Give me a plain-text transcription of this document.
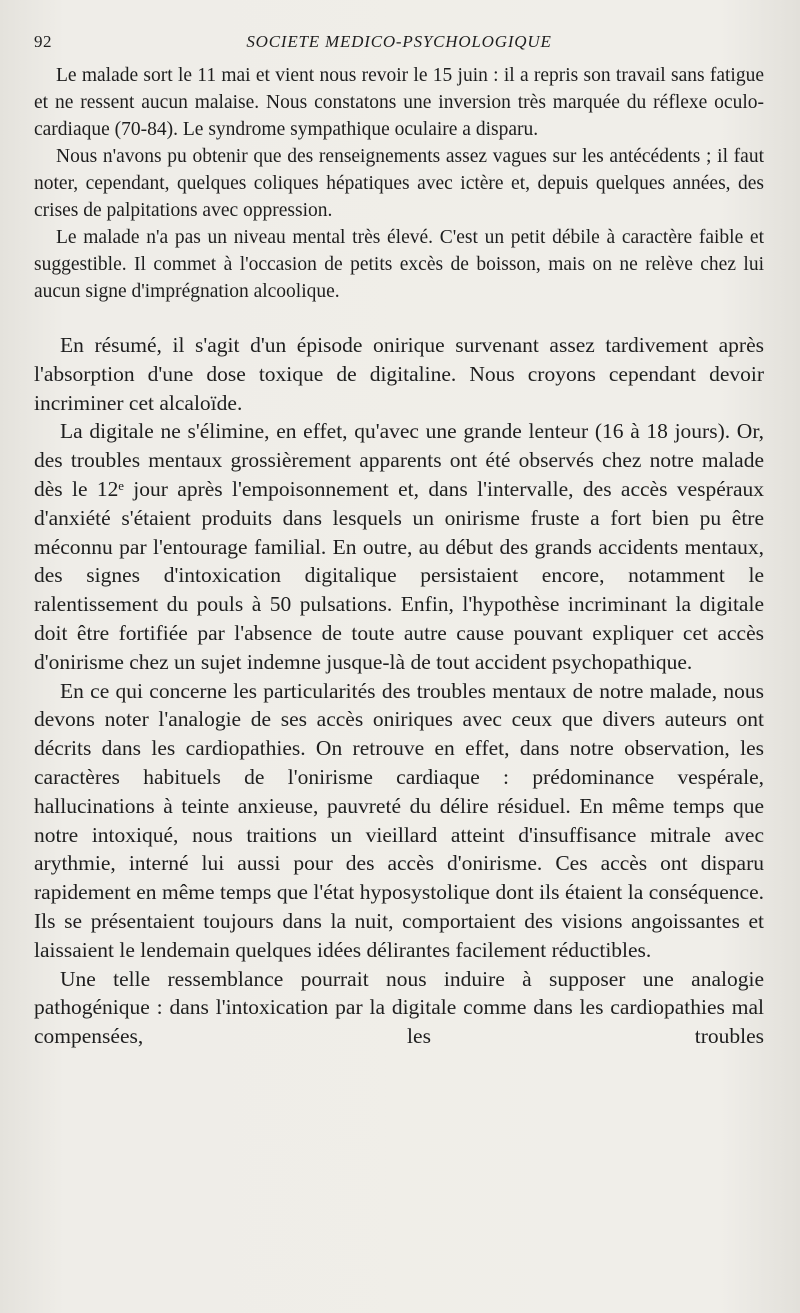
92	SOCIETE MEDICO-PSYCHOLOGIQUE

Le malade sort le 11 mai et vient nous revoir le 15 juin : il a repris son travail sans fatigue et ne ressent aucun malaise. Nous constatons une inversion très marquée du réflexe oculo-cardiaque (70-84). Le syndrome sympathique oculaire a disparu.

Nous n'avons pu obtenir que des renseignements assez vagues sur les antécédents ; il faut noter, cependant, quelques coliques hépatiques avec ictère et, depuis quelques années, des crises de palpitations avec oppression.

Le malade n'a pas un niveau mental très élevé. C'est un petit débile à caractère faible et suggestible. Il commet à l'occasion de petits excès de boisson, mais on ne relève chez lui aucun signe d'imprégnation alcoolique.

En résumé, il s'agit d'un épisode onirique survenant assez tardivement après l'absorption d'une dose toxique de digitaline. Nous croyons cependant devoir incriminer cet alcaloïde.

La digitale ne s'élimine, en effet, qu'avec une grande lenteur (16 à 18 jours). Or, des troubles mentaux grossièrement apparents ont été observés chez notre malade dès le 12ᵉ jour après l'empoisonnement et, dans l'intervalle, des accès vespéraux d'anxiété s'étaient produits dans lesquels un onirisme fruste a fort bien pu être méconnu par l'entourage familial. En outre, au début des grands accidents mentaux, des signes d'intoxication digitalique persistaient encore, notamment le ralentissement du pouls à 50 pulsations. Enfin, l'hypothèse incriminant la digitale doit être fortifiée par l'absence de toute autre cause pouvant expliquer cet accès d'onirisme chez un sujet indemne jusque-là de tout accident psychopathique.

En ce qui concerne les particularités des troubles mentaux de notre malade, nous devons noter l'analogie de ses accès oniriques avec ceux que divers auteurs ont décrits dans les cardiopathies. On retrouve en effet, dans notre observation, les caractères habituels de l'onirisme cardiaque : prédominance vespérale, hallucinations à teinte anxieuse, pauvreté du délire résiduel. En même temps que notre intoxiqué, nous traitions un vieillard atteint d'insuffisance mitrale avec arythmie, interné lui aussi pour des accès d'onirisme. Ces accès ont disparu rapidement en même temps que l'état hyposystolique dont ils étaient la conséquence. Ils se présentaient toujours dans la nuit, comportaient des visions angoissantes et laissaient le lendemain quelques idées délirantes facilement réductibles.

Une telle ressemblance pourrait nous induire à supposer une analogie pathogénique : dans l'intoxication par la digitale comme dans les cardiopathies mal compensées, les troubles
